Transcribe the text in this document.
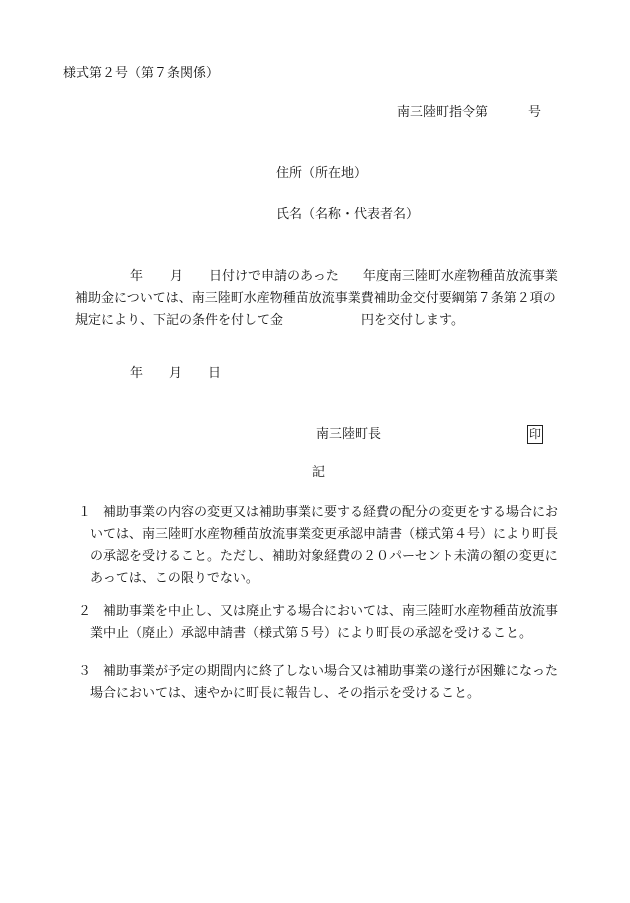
様式第２号（第７条関係）
南三陸町指令第	号
住所（所在地）
氏名（名称・代表者名）
年 月 日付けで申請のあった 年度南三陸町水産物種苗放流事業
補助金については、南三陸町水産物種苗放流事業費補助金交付要綱第７条第２項の
規定により、下記の条件を付して金	円を交付します。
年 月 日
南三陸町長	印
記
１ 補助事業の内容の変更又は補助事業に要する経費の配分の変更をする場合にお
いては、南三陸町水産物種苗放流事業変更承認申請書（様式第４号）により町長
の承認を受けること。ただし、補助対象経費の２０パーセント未満の額の変更に
あっては、この限りでない。
２ 補助事業を中止し、又は廃止する場合においては、南三陸町水産物種苗放流事
業中止（廃止）承認申請書（様式第５号）により町長の承認を受けること。
３ 補助事業が予定の期間内に終了しない場合又は補助事業の遂行が困難になった
場合においては、速やかに町長に報告し、その指示を受けること。
